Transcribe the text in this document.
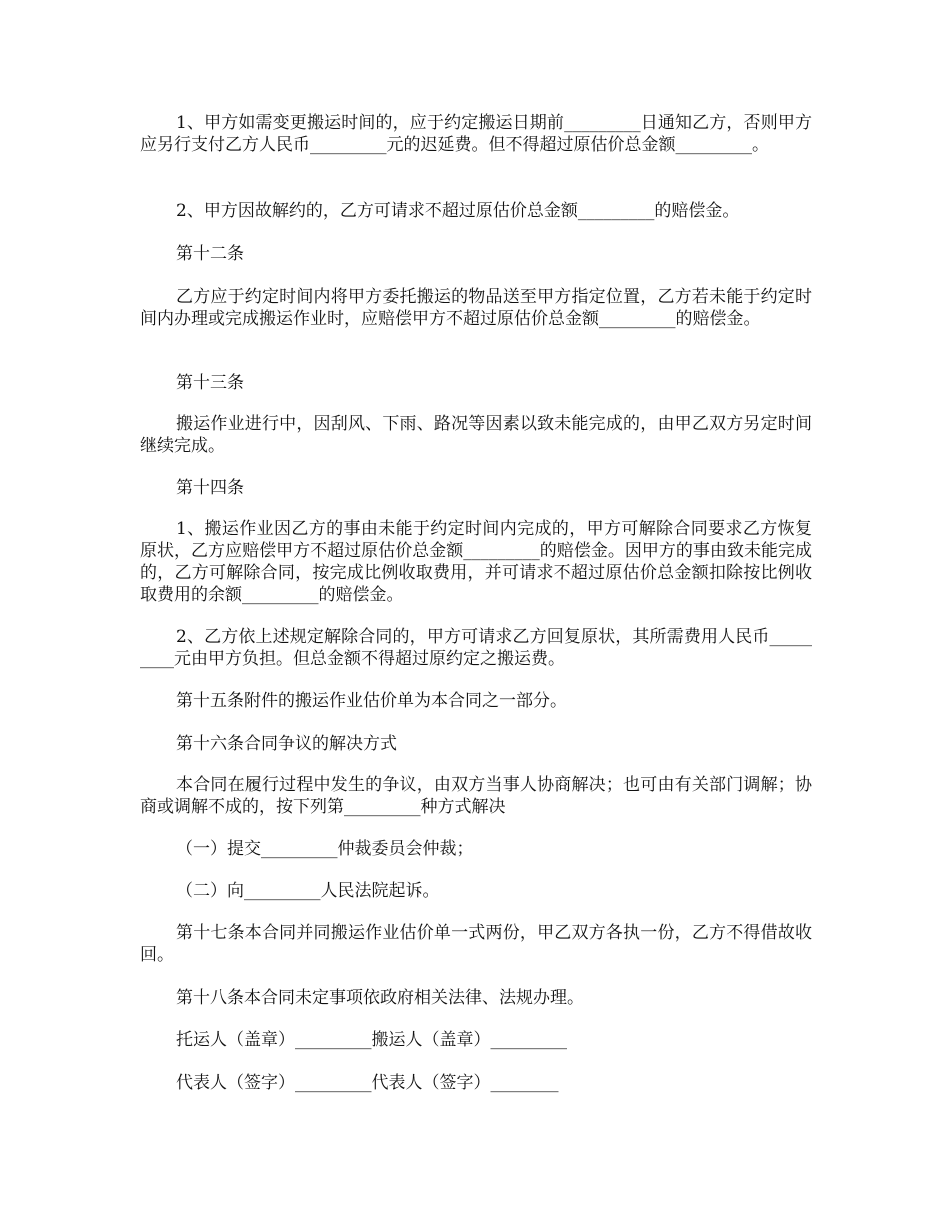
1、甲方如需变更搬运时间的，应于约定搬运日期前_________日通知乙方，否则甲方应另行支付乙方人民币_________元的迟延费。但不得超过原估价总金额_________。

2、甲方因故解约的，乙方可请求不超过原估价总金额_________的赔偿金。

第十二条

乙方应于约定时间内将甲方委托搬运的物品送至甲方指定位置，乙方若未能于约定时间内办理或完成搬运作业时，应赔偿甲方不超过原估价总金额_________的赔偿金。

第十三条

搬运作业进行中，因刮风、下雨、路况等因素以致未能完成的，由甲乙双方另定时间继续完成。

第十四条

1、搬运作业因乙方的事由未能于约定时间内完成的，甲方可解除合同要求乙方恢复原状，乙方应赔偿甲方不超过原估价总金额_________的赔偿金。因甲方的事由致未能完成的，乙方可解除合同，按完成比例收取费用，并可请求不超过原估价总金额扣除按比例收取费用的余额_________的赔偿金。

2、乙方依上述规定解除合同的，甲方可请求乙方回复原状，其所需费用人民币_________元由甲方负担。但总金额不得超过原约定之搬运费。

第十五条附件的搬运作业估价单为本合同之一部分。

第十六条合同争议的解决方式

本合同在履行过程中发生的争议，由双方当事人协商解决；也可由有关部门调解；协商或调解不成的，按下列第_________种方式解决

（一）提交_________仲裁委员会仲裁；

（二）向_________人民法院起诉。

第十七条本合同并同搬运作业估价单一式两份，甲乙双方各执一份，乙方不得借故收回。

第十八条本合同未定事项依政府相关法律、法规办理。

托运人（盖章）_________搬运人（盖章）_________

代表人（签字）_________代表人（签字）________
